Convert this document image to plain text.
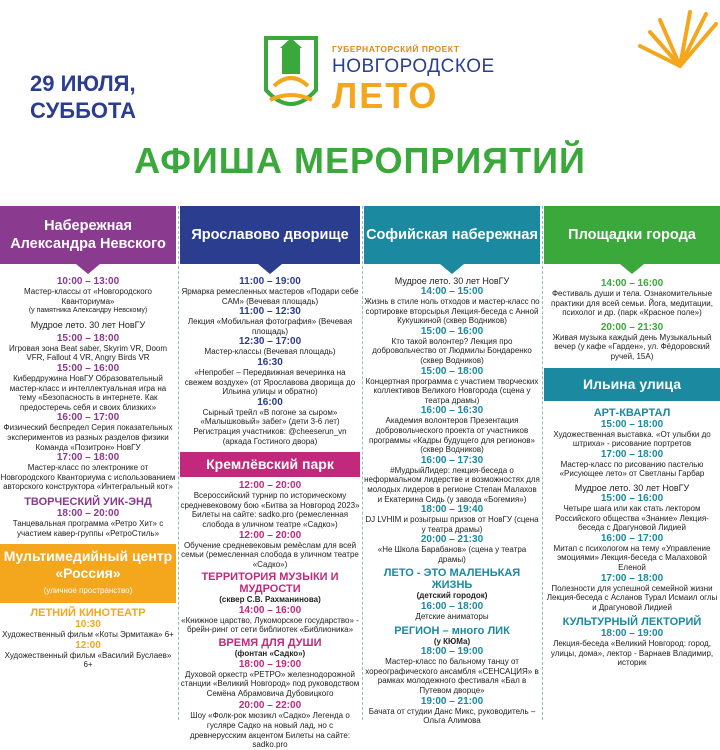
29 ИЮЛЯ,
СУББОТА
ГУБЕРНАТОРСКИЙ ПРОЕКТ
НОВГОРОДСКОЕ
ЛЕТО
АФИША МЕРОПРИЯТИЙ
Набережная Александра Невского
10:00 – 13:00
Мастер-классы от «Новгородского Кванториума»
(у памятника Александру Невскому)
Мудрое лето. 30 лет НовГУ
15:00 – 18:00
Игровая зона Beat saber, Skyrim VR, Doom VFR, Fallout 4 VR, Angry Birds VR
15:00 – 16:00
Кибердружина НовГУ Образовательный мастер-класс и интеллектуальная игра на тему «Безопасность в интернете. Как предостеречь себя и своих близких»
16:00 – 17:00
Физический беспредел Серия показательных экспериментов из разных разделов физики Команда «Позитрон» НовГУ
17:00 – 18:00
Мастер-класс по электронике от Новгородского Кванториума с использованием авторского конструктора «Интегральный кот»
ТВОРЧЕСКИЙ УИК-ЭНД
18:00 – 20:00
Танцевальная программа «Ретро Хит» с участием кавер-группы «РетроСтиль»
Мультимедийный центр «Россия»
(уличное пространство)
ЛЕТНИЙ КИНОТЕАТР
10:30
Художественный фильм «Коты Эрмитажа» 6+
12:00
Художественный фильм «Василий Буслаев» 6+
Ярославово дворище
11:00 – 19:00
Ярмарка ремесленных мастеров «Подари себе САМ» (Вечевая площадь)
11:00 – 12:30
Лекция «Мобильная фотография» (Вечевая площадь)
12:30 – 17:00
Мастер-классы (Вечевая площадь)
16:30
«Непробег – Передвижная вечеринка на свежем воздухе» (от Ярославова дворища до Ильина улицы и обратно)
16:00
Сырный трейл «В погоне за сыром» «Малышковый» забег» (дети 3-6 лет) Регистрация участников: @cheeserun_vn (аркада Гостиного двора)
Кремлёвский парк
12:00 – 20:00
Всероссийский турнир по историческому средневековому бою «Битва за Новгород 2023» Билеты на сайте: sadko.pro (ремесленная слобода в уличном театре «Садко»)
12:00 – 20:00
Обучение средневековым ремёслам для всей семьи (ремесленная слобода в уличном театре «Садко»)
ТЕРРИТОРИЯ МУЗЫКИ И МУДРОСТИ
(сквер С.В. Рахманинова)
14:00 – 16:00
«Книжное царство, Лукоморское государство» - брейн-ринг от сети библиотек «Библионика»
ВРЕМЯ ДЛЯ ДУШИ
(фонтан «Садко»)
18:00 – 19:00
Духовой оркестр «РЕТРО» железнодорожной станции «Великий Новгород» под руководством Семёна Абрамовича Дубовицкого
20:00 – 22:00
Шоу «Фолк-рок мюзикл «Садко» Легенда о гусляре Садко на новый лад, но с древнерусским акцентом Билеты на сайте: sadko.pro
Софийская набережная
Мудрое лето. 30 лет НовГУ
14:00 – 15:00
Жизнь в стиле ноль отходов и мастер-класс по сортировке вторсырья Лекция-беседа с Анной Кукушкиной (сквер Водников)
15:00 – 16:00
Кто такой волонтер? Лекция про добровольчество от Людмилы Бондаренко (сквер Водников)
15:00 – 18:00
Концертная программа с участием творческих коллективов Великого Новгорода (сцена у театра драмы)
16:00 – 16:30
Академия волонтеров Презентация добровольческого проекта от участников программы «Кадры будущего для регионов» (сквер Водников)
16:00 – 17:30
#МудрыйЛидер: лекция-беседа о неформальном лидерстве и возможностях для молодых лидеров в регионе Степан Малахов и Екатерина Сидь (у завода «Богемия»)
18:00 – 19:40
DJ LVHIM и розыгрыш призов от НовГУ (сцена у театра драмы)
20:00 – 21:30
«Не Школа Барабанов» (сцена у театра драмы)
ЛЕТО - ЭТО МАЛЕНЬКАЯ ЖИЗНЬ
(детский городок)
16:00 – 18:00
Детские аниматоры
РЕГИОН – много ЛИК
(у КЮМа)
18:00 – 19:00
Мастер-класс по бальному танцу от хореографического ансамбля «СЕНСАЦИЯ» в рамках молодежного фестиваля «Бал в Путевом дворце»
19:00 – 21:00
Бачата от студии Данс Микс, руководитель – Ольга Алимова
Площадки города
14:00 – 16:00
Фестиваль души и тела. Ознакомительные практики для всей семьи. Йога, медитации, психолог и др. (парк «Красное поле»)
20:00 – 21:30
Живая музыка каждый день Музыкальный вечер (у кафе «Гарден», ул. Фёдоровский ручей, 15А)
Ильина улица
АРТ-КВАРТАЛ
15:00 – 18:00
Художественная выставка. «От улыбки до штриха» - рисование портретов
17:00 – 18:00
Мастер-класс по рисованию пастелью «Рисующее лето» от Светланы Гарбар
Мудрое лето. 30 лет НовГУ
15:00 – 16:00
Четыре шага или как стать лектором Российского общества «Знание» Лекция-беседа с Драгуновой Лидией
16:00 – 17:00
Митап с психологом на тему «Управление эмоциями» Лекция-беседа с Малаховой Еленой
17:00 – 18:00
Полезности для успешной семейной жизни Лекция-беседа с Асланов Турал Исмаил оглы и Драгуновой Лидией
КУЛЬТУРНЫЙ ЛЕКТОРИЙ
18:00 – 19:00
Лекция-беседа «Великий Новгород: город, улицы, дома», лектор - Варнаев Владимир, историк
